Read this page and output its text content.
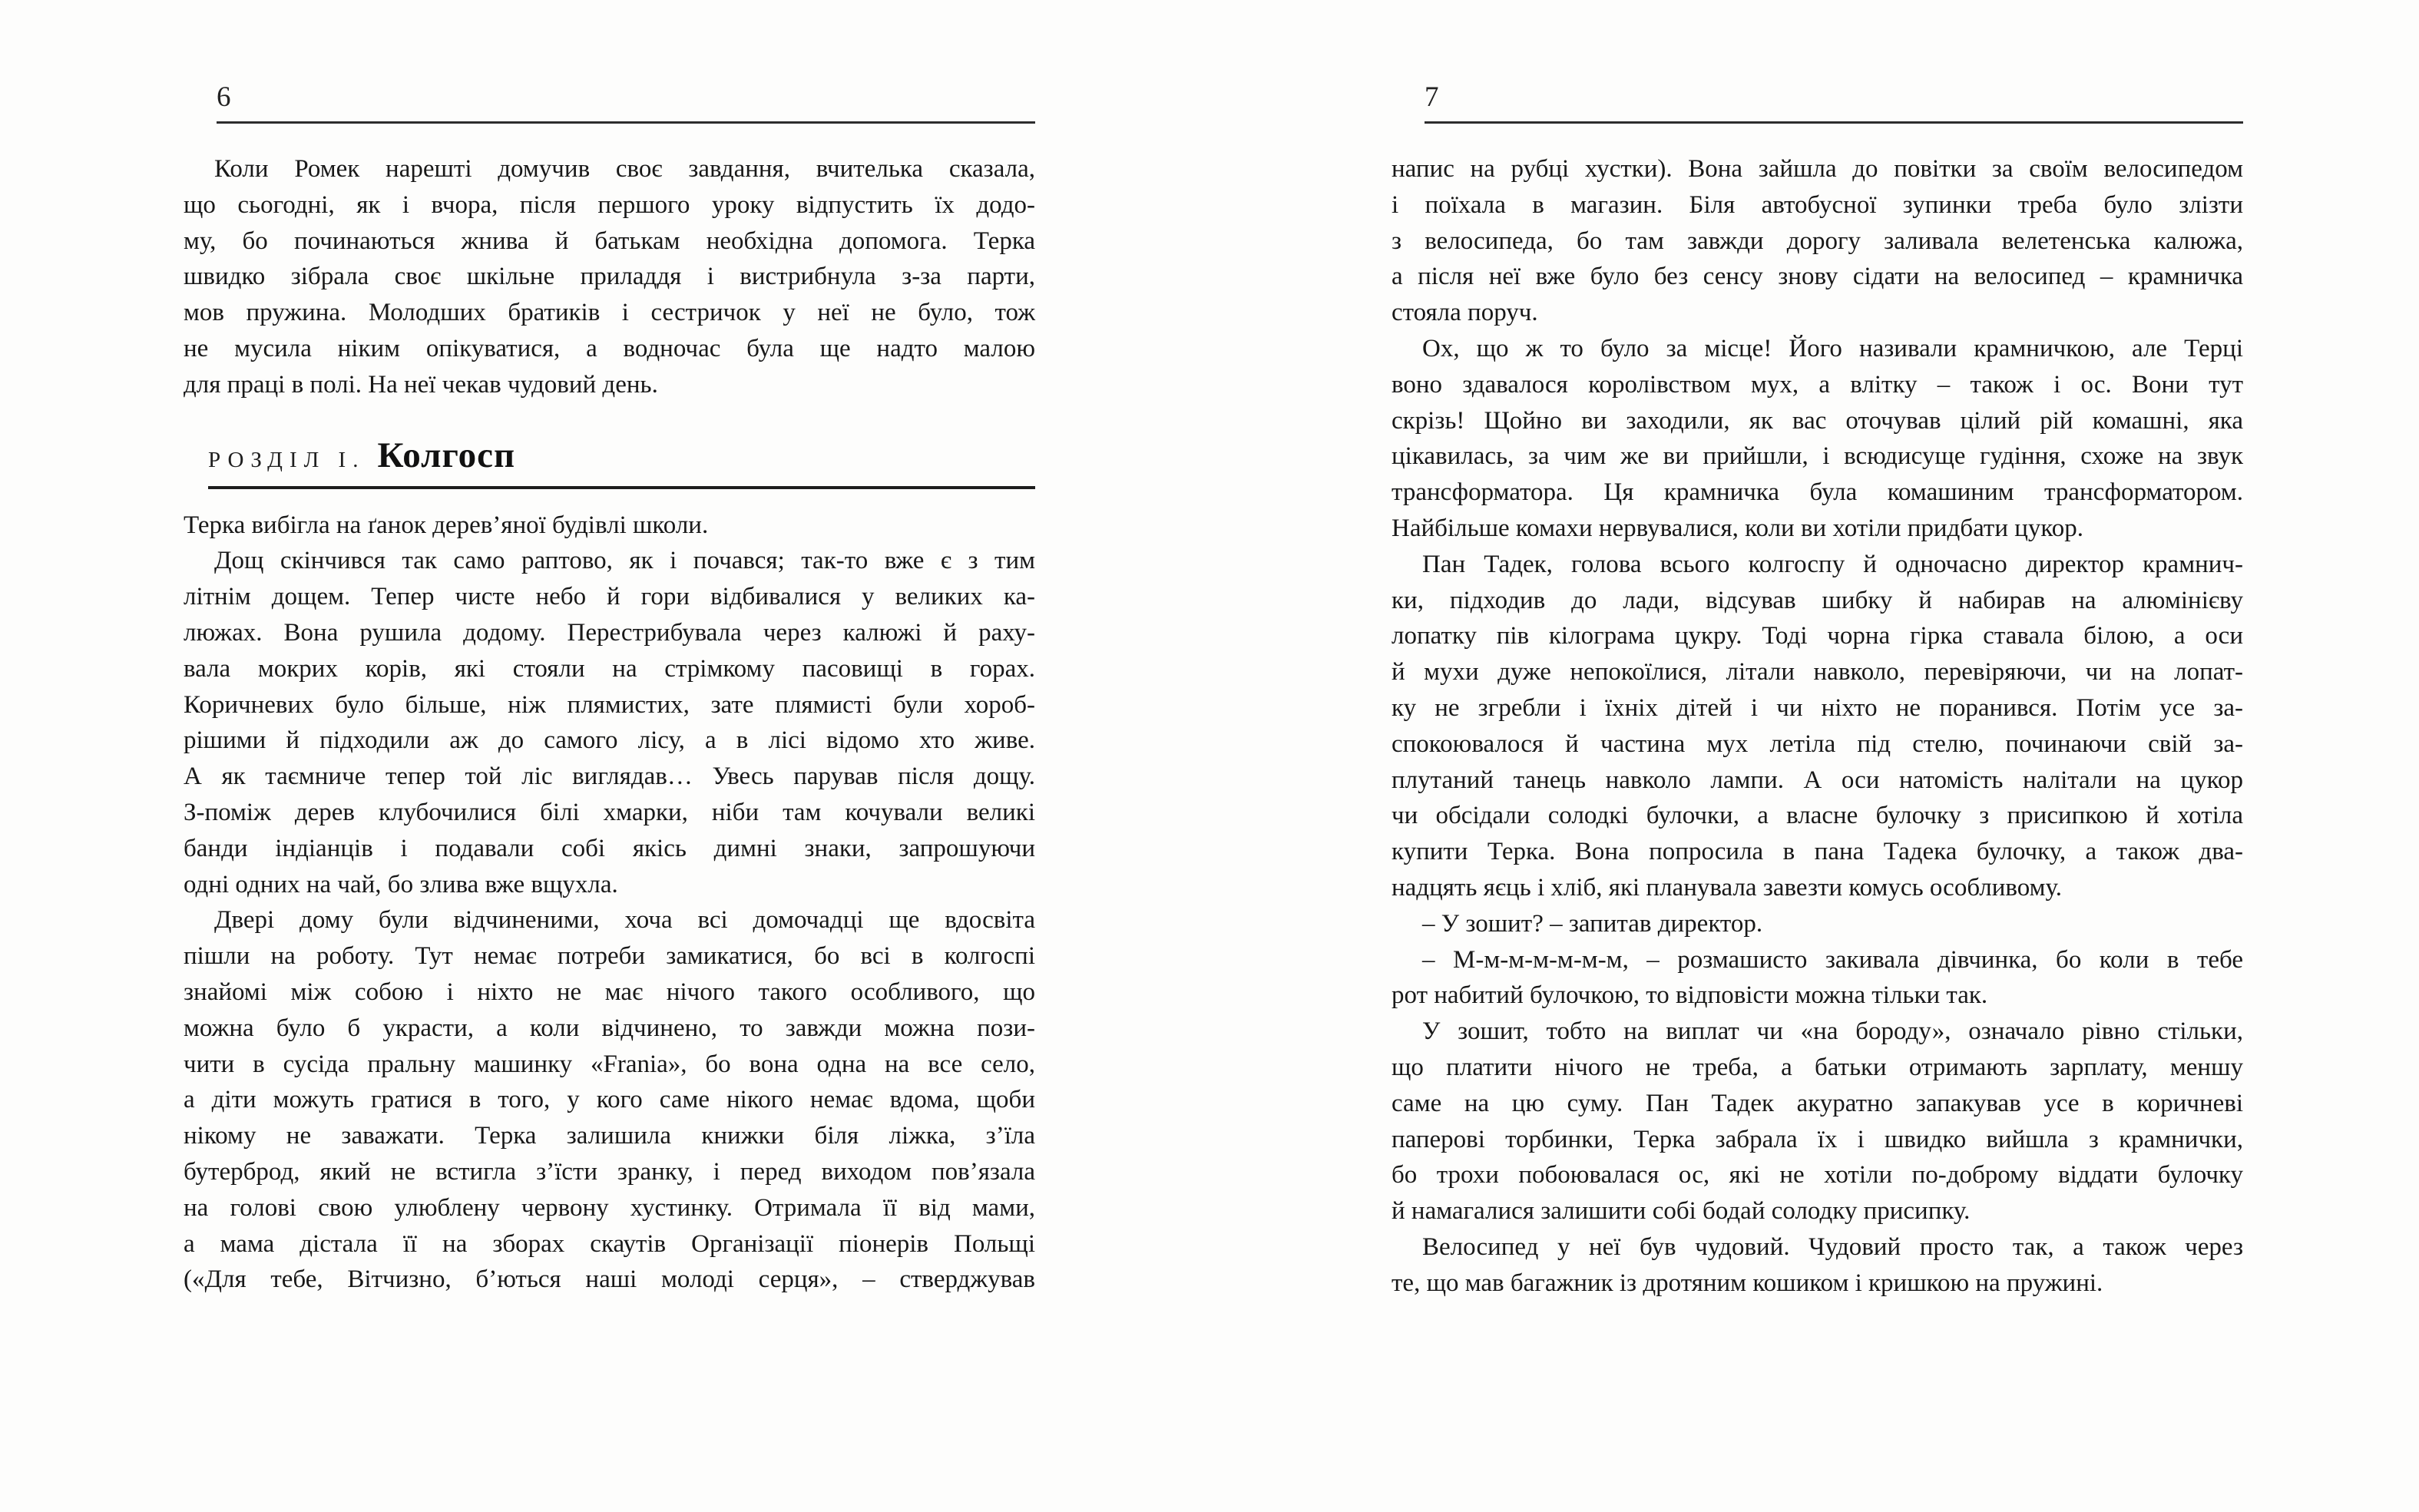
6
Коли Ромек нарешті домучив своє завдання, вчителька сказала,
що сьогодні, як і вчора, після першого уроку відпустить їх додо-
му, бо починаються жнива й батькам необхідна допомога. Терка
швидко зібрала своє шкільне приладдя і вистрибнула з-за парти,
мов пружина. Молодших братиків і сестричок у неї не було, тож
не мусила ніким опікуватися, а водночас була ще надто малою
для праці в полі. На неї чекав чудовий день.
РОЗДІЛ І. Колгосп
Терка вибігла на ґанок дерев’яної будівлі школи.
Дощ скінчився так само раптово, як і почався; так-то вже є з тим
літнім дощем. Тепер чисте небо й гори відбивалися у великих ка-
люжах. Вона рушила додому. Перестрибувала через калюжі й раху-
вала мокрих корів, які стояли на стрімкому пасовищі в горах.
Коричневих було більше, ніж плямистих, зате плямисті були хороб-
рішими й підходили аж до самого лісу, а в лісі відомо хто живе.
А як таємниче тепер той ліс виглядав… Увесь парував після дощу.
З-поміж дерев клубочилися білі хмарки, ніби там кочували великі
банди індіанців і подавали собі якісь димні знаки, запрошуючи
одні одних на чай, бо злива вже вщухла.
Двері дому були відчиненими, хоча всі домочадці ще вдосвіта
пішли на роботу. Тут немає потреби замикатися, бо всі в колгоспі
знайомі між собою і ніхто не має нічого такого особливого, що
можна було б украсти, а коли відчинено, то завжди можна пози-
чити в сусіда пральну машинку «Frania», бо вона одна на все село,
а діти можуть гратися в того, у кого саме нікого немає вдома, щоби
нікому не заважати. Терка залишила книжки біля ліжка, з’їла
бутерброд, який не встигла з’їсти зранку, і перед виходом пов’язала
на голові свою улюблену червону хустинку. Отримала її від мами,
а мама дістала її на зборах скаутів Організації піонерів Польщі
(«Для тебе, Вітчизно, б’ються наші молоді серця», – стверджував
7
напис на рубці хустки). Вона зайшла до повітки за своїм велосипедом
і поїхала в магазин. Біля автобусної зупинки треба було злізти
з велосипеда, бо там завжди дорогу заливала велетенська калюжа,
а після неї вже було без сенсу знову сідати на велосипед – крамничка
стояла поруч.
Ох, що ж то було за місце! Його називали крамничкою, але Терці
воно здавалося королівством мух, а влітку – також і ос. Вони тут
скрізь! Щойно ви заходили, як вас оточував цілий рій комашні, яка
цікавилась, за чим же ви прийшли, і всюдисуще гудіння, схоже на звук
трансформатора. Ця крамничка була комашиним трансформатором.
Найбільше комахи нервувалися, коли ви хотіли придбати цукор.
Пан Тадек, голова всього колгоспу й одночасно директор крамнич-
ки, підходив до лади, відсував шибку й набирав на алюмінієву
лопатку пів кілограма цукру. Тоді чорна гірка ставала білою, а оси
й мухи дуже непокоїлися, літали навколо, перевіряючи, чи на лопат-
ку не згребли і їхніх дітей і чи ніхто не поранився. Потім усе за-
спокоювалося й частина мух летіла під стелю, починаючи свій за-
плутаний танець навколо лампи. А оси натомість налітали на цукор
чи обсідали солодкі булочки, а власне булочку з присипкою й хотіла
купити Терка. Вона попросила в пана Тадека булочку, а також два-
надцять яєць і хліб, які планувала завезти комусь особливому.
– У зошит? – запитав директор.
– М-м-м-м-м-м-м, – розмашисто закивала дівчинка, бо коли в тебе
рот набитий булочкою, то відповісти можна тільки так.
У зошит, тобто на виплат чи «на бороду», означало рівно стільки,
що платити нічого не треба, а батьки отримають зарплату, меншу
саме на цю суму. Пан Тадек акуратно запакував усе в коричневі
паперові торбинки, Терка забрала їх і швидко вийшла з крамнички,
бо трохи побоювалася ос, які не хотіли по-доброму віддати булочку
й намагалися залишити собі бодай солодку присипку.
Велосипед у неї був чудовий. Чудовий просто так, а також через
те, що мав багажник із дротяним кошиком і кришкою на пружині.
